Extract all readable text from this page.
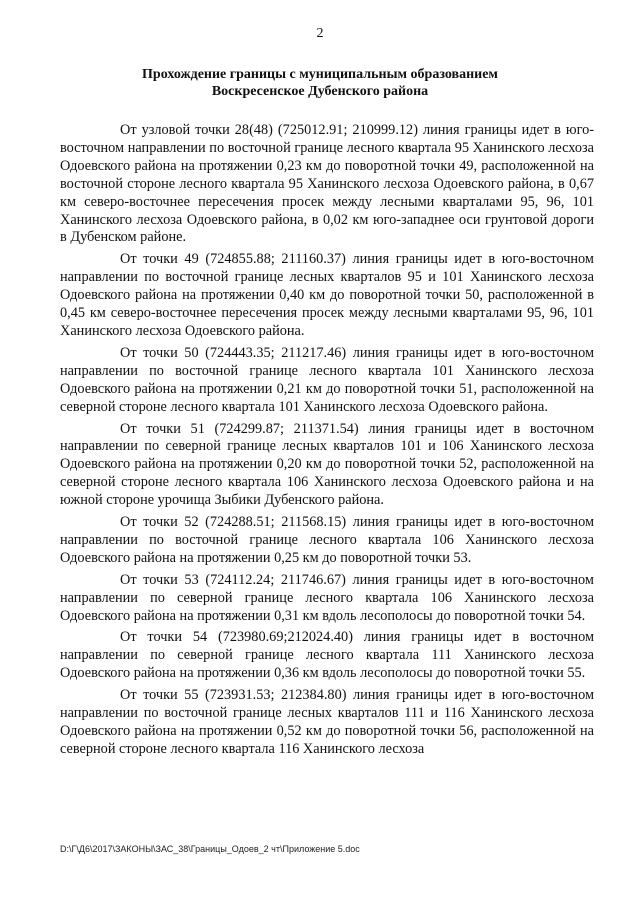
2
Прохождение границы с муниципальным образованием
Воскресенское Дубенского района

От узловой точки 28(48) (725012.91; 210999.12) линия границы идет в юго-восточном направлении по восточной границе лесного квартала 95 Ханинского лесхоза Одоевского района на протяжении 0,23 км до поворотной точки 49, расположенной на восточной стороне лесного квартала 95 Ханинского лесхоза Одоевского района, в 0,67 км северо-восточнее пересечения просек между лесными кварталами 95, 96, 101 Ханинского лесхоза Одоевского района, в 0,02 км юго-западнее оси грунтовой дороги в Дубенском районе.

От точки 49 (724855.88; 211160.37) линия границы идет в юго-восточном направлении по восточной границе лесных кварталов 95 и 101 Ханинского лесхоза Одоевского района на протяжении 0,40 км до поворотной точки 50, расположенной в 0,45 км северо-восточнее пересечения просек между лесными кварталами 95, 96, 101 Ханинского лесхоза Одоевского района.

От точки 50 (724443.35; 211217.46) линия границы идет в юго-восточном направлении по восточной границе лесного квартала 101 Ханинского лесхоза Одоевского района на протяжении 0,21 км до поворотной точки 51, расположенной на северной стороне лесного квартала 101 Ханинского лесхоза Одоевского района.

От точки 51 (724299.87; 211371.54) линия границы идет в восточном направлении по северной границе лесных кварталов 101 и 106 Ханинского лесхоза Одоевского района на протяжении 0,20 км до поворотной точки 52, расположенной на северной стороне лесного квартала 106 Ханинского лесхоза Одоевского района и на южной стороне урочища Зыбики Дубенского района.

От точки 52 (724288.51; 211568.15) линия границы идет в юго-восточном направлении по восточной границе лесного квартала 106 Ханинского лесхоза Одоевского района на протяжении 0,25 км до поворотной точки 53.

От точки 53 (724112.24; 211746.67) линия границы идет в юго-восточном направлении по северной границе лесного квартала 106 Ханинского лесхоза Одоевского района на протяжении 0,31 км вдоль лесополосы до поворотной точки 54.

От точки 54 (723980.69;212024.40) линия границы идет в восточном направлении по северной границе лесного квартала 111 Ханинского лесхоза Одоевского района на протяжении 0,36 км вдоль лесополосы до поворотной точки 55.

От точки 55 (723931.53; 212384.80) линия границы идет в юго-восточном направлении по восточной границе лесных кварталов 111 и 116 Ханинского лесхоза Одоевского района на протяжении 0,52 км до поворотной точки 56, расположенной на северной стороне лесного квартала 116 Ханинского лесхоза

D:\Г\Д6\2017\ЗАКОНЫ\ЗАС_38\Границы_Одоев_2 чт\Приложение 5.doc
